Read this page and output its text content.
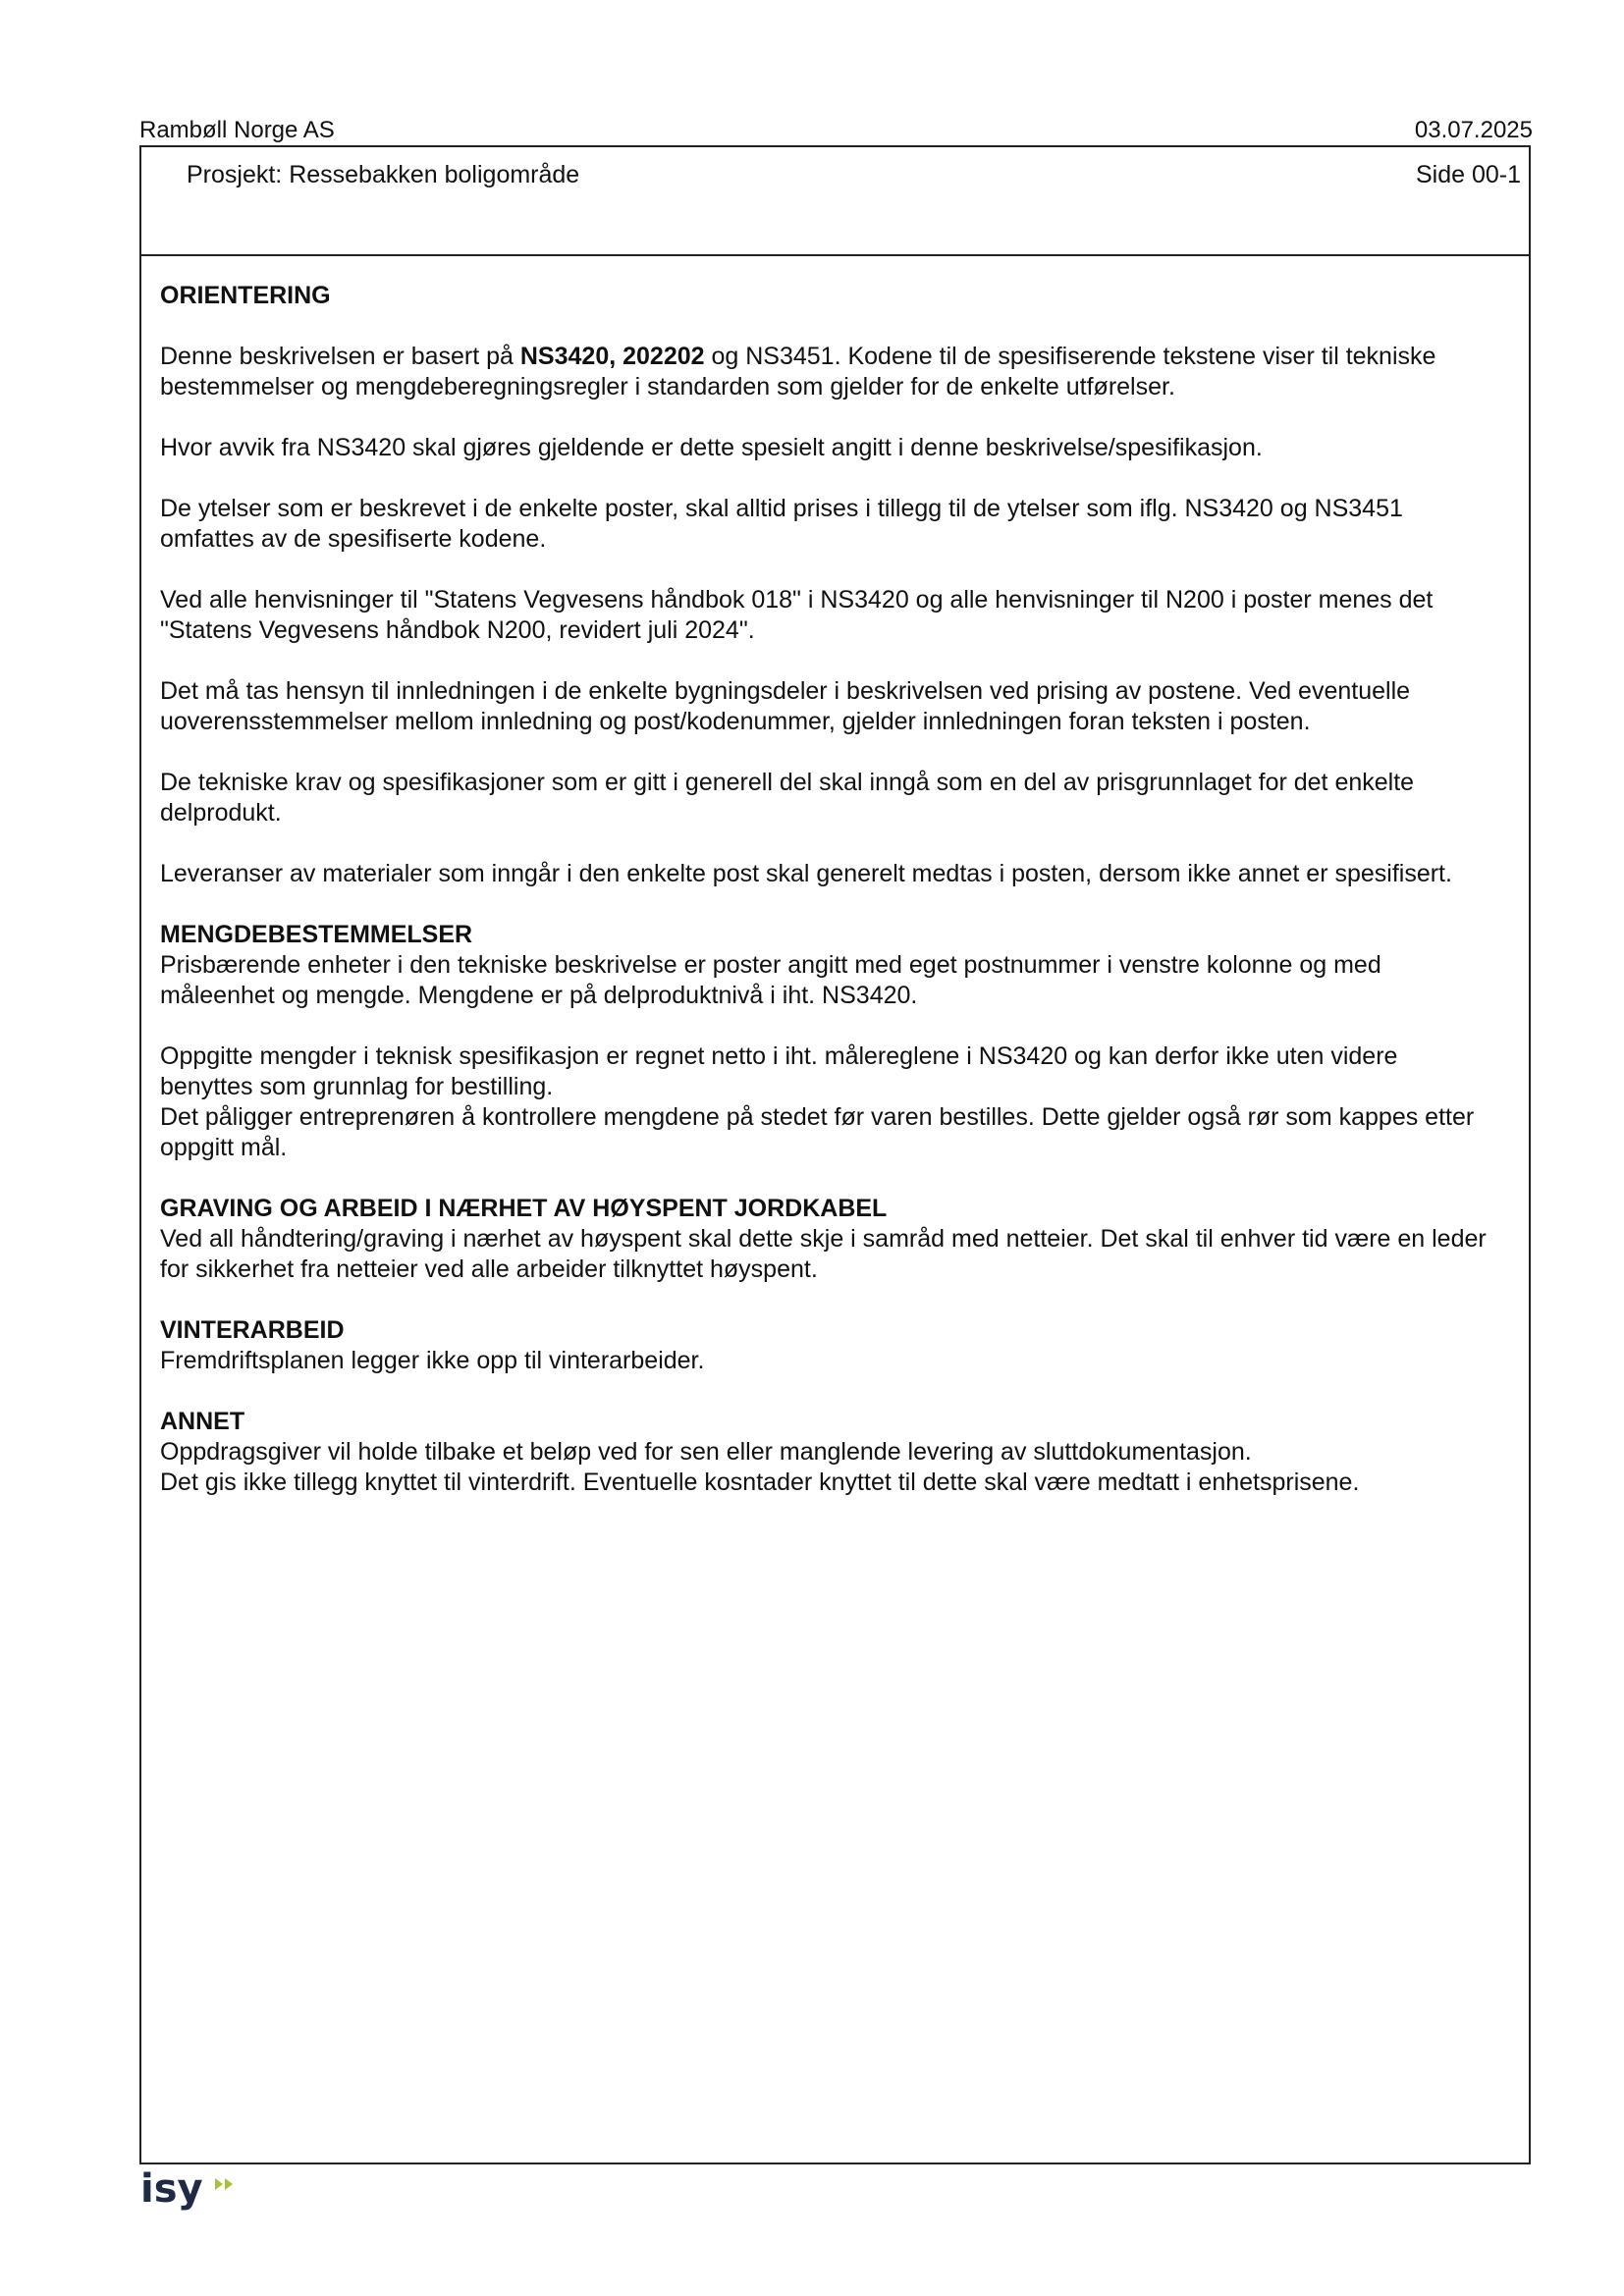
Rambøll Norge AS	03.07.2025
Prosjekt: Ressebakken boligområde	Side 00-1

ORIENTERING

Denne beskrivelsen er basert på NS3420, 202202 og NS3451. Kodene til de spesifiserende tekstene viser til tekniske bestemmelser og mengdeberegningsregler i standarden som gjelder for de enkelte utførelser.

Hvor avvik fra NS3420 skal gjøres gjeldende er dette spesielt angitt i denne beskrivelse/spesifikasjon.

De ytelser som er beskrevet i de enkelte poster, skal alltid prises i tillegg til de ytelser som iflg. NS3420 og NS3451 omfattes av de spesifiserte kodene.

Ved alle henvisninger til "Statens Vegvesens håndbok 018" i NS3420 og alle henvisninger til N200 i poster menes det "Statens Vegvesens håndbok N200, revidert juli 2024".

Det må tas hensyn til innledningen i de enkelte bygningsdeler i beskrivelsen ved prising av postene. Ved eventuelle uoverensstemmelser mellom innledning og post/kodenummer, gjelder innledningen foran teksten i posten.

De tekniske krav og spesifikasjoner som er gitt i generell del skal inngå som en del av prisgrunnlaget for det enkelte delprodukt.

Leveranser av materialer som inngår i den enkelte post skal generelt medtas i posten, dersom ikke annet er spesifisert.

MENGDEBESTEMMELSER

Prisbærende enheter i den tekniske beskrivelse er poster angitt med eget postnummer i venstre kolonne og med måleenhet og mengde. Mengdene er på delproduktnivå i iht. NS3420.

Oppgitte mengder i teknisk spesifikasjon er regnet netto i iht. målereglene i NS3420 og kan derfor ikke uten videre benyttes som grunnlag for bestilling.

Det påligger entreprenøren å kontrollere mengdene på stedet før varen bestilles. Dette gjelder også rør som kappes etter oppgitt mål.

GRAVING OG ARBEID I NÆRHET AV HØYSPENT JORDKABEL

Ved all håndtering/graving i nærhet av høyspent skal dette skje i samråd med netteier. Det skal til enhver tid være en leder for sikkerhet fra netteier ved alle arbeider tilknyttet høyspent.

VINTERARBEID

Fremdriftsplanen legger ikke opp til vinterarbeider.

ANNET

Oppdragsgiver vil holde tilbake et beløp ved for sen eller manglende levering av sluttdokumentasjon.

Det gis ikke tillegg knyttet til vinterdrift. Eventuelle kosntader knyttet til dette skal være medtatt i enhetsprisene.

isy
